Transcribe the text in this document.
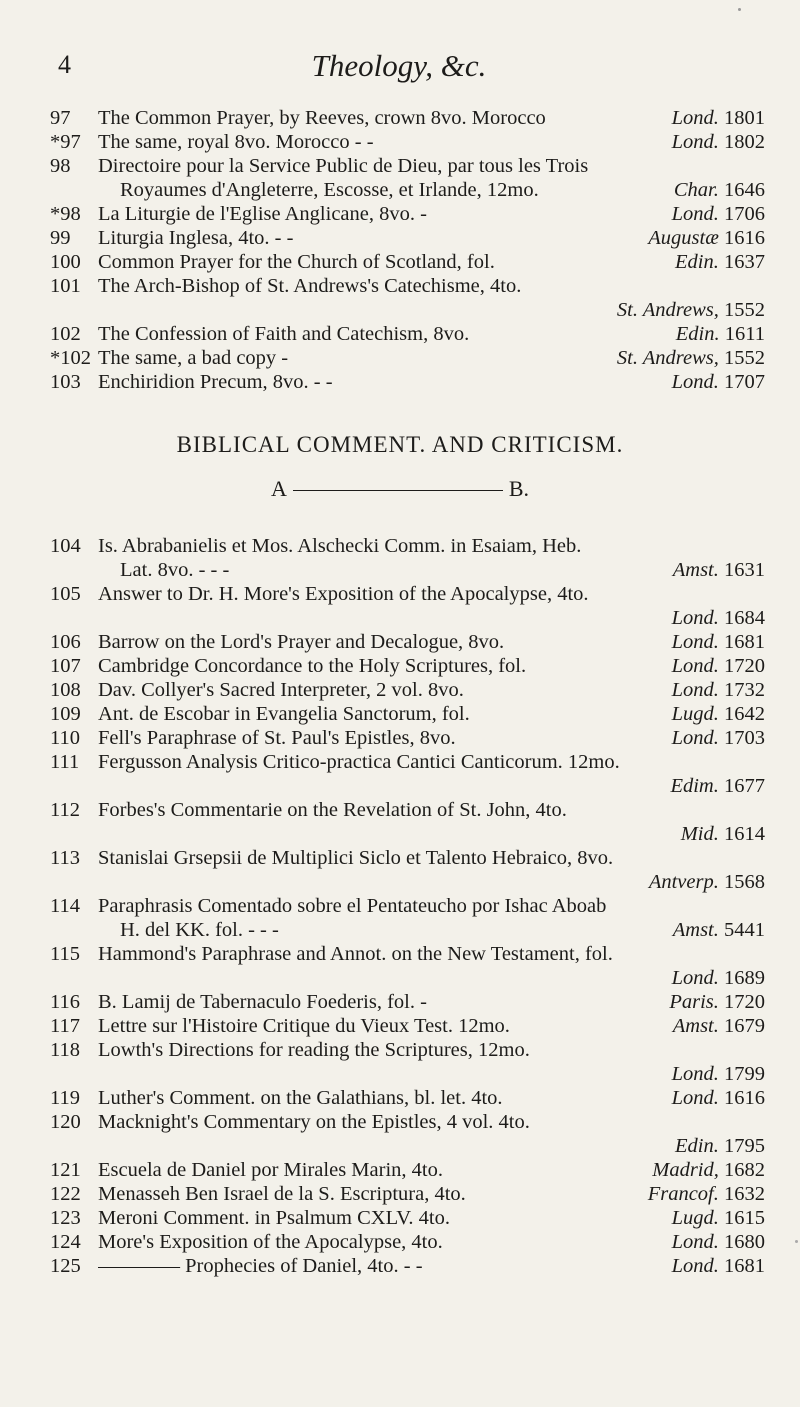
4	Theology, &c.
97	The Common Prayer, by Reeves, crown 8vo. Morocco	Lond. 1801
*97 The same, royal 8vo. Morocco - -	Lond. 1802
98	Directoire pour la Service Public de Dieu, par tous les Trois
Royaumes d'Angleterre, Escosse, et Irlande, 12mo.	Char. 1646
*98 La Liturgie de l'Eglise Anglicane, 8vo. -	Lond. 1706
99	Liturgia Inglesa, 4to. - -	Augustæ 1616
100 Common Prayer for the Church of Scotland, fol.	Edin. 1637
101 The Arch-Bishop of St. Andrews's Catechisme, 4to.
St. Andrews, 1552
102 The Confession of Faith and Catechism, 8vo.	Edin. 1611
*102 The same, a bad copy -	St. Andrews, 1552
103 Enchiridion Precum, 8vo. - -	Lond. 1707
BIBLICAL COMMENT. AND CRITICISM.
A	B.
104 Is. Abrabanielis et Mos. Alschecki Comm. in Esaiam, Heb.
Lat. 8vo. - - -	Amst. 1631
105 Answer to Dr. H. More's Exposition of the Apocalypse, 4to.
Lond. 1684
106 Barrow on the Lord's Prayer and Decalogue, 8vo.	Lond. 1681
107 Cambridge Concordance to the Holy Scriptures, fol.	Lond. 1720
108 Dav. Collyer's Sacred Interpreter, 2 vol. 8vo.	Lond. 1732
109 Ant. de Escobar in Evangelia Sanctorum, fol.	Lugd. 1642
110 Fell's Paraphrase of St. Paul's Epistles, 8vo.	Lond. 1703
111 Fergusson Analysis Critico-practica Cantici Canticorum. 12mo.
Edim. 1677
112 Forbes's Commentarie on the Revelation of St. John, 4to.
Mid. 1614
113 Stanislai Grsepsii de Multiplici Siclo et Talento Hebraico, 8vo.
Antverp. 1568
114 Paraphrasis Comentado sobre el Pentateucho por Ishac Aboab
H. del KK. fol. - - -	Amst. 5441
115 Hammond's Paraphrase and Annot. on the New Testament, fol.
Lond. 1689
116 B. Lamij de Tabernaculo Foederis, fol. -	Paris. 1720
117 Lettre sur l'Histoire Critique du Vieux Test. 12mo.	Amst. 1679
118 Lowth's Directions for reading the Scriptures, 12mo.
Lond. 1799
119 Luther's Comment. on the Galathians, bl. let. 4to.	Lond. 1616
120 Macknight's Commentary on the Epistles, 4 vol. 4to.
Edin. 1795
121 Escuela de Daniel por Mirales Marin, 4to.	Madrid, 1682
122 Menasseh Ben Israel de la S. Escriptura, 4to.	Francof. 1632
123 Meroni Comment. in Psalmum CXLV. 4to.	Lugd. 1615
124 More's Exposition of the Apocalypse, 4to.	Lond. 1680
125 ———— Prophecies of Daniel, 4to. - -	Lond. 1681
